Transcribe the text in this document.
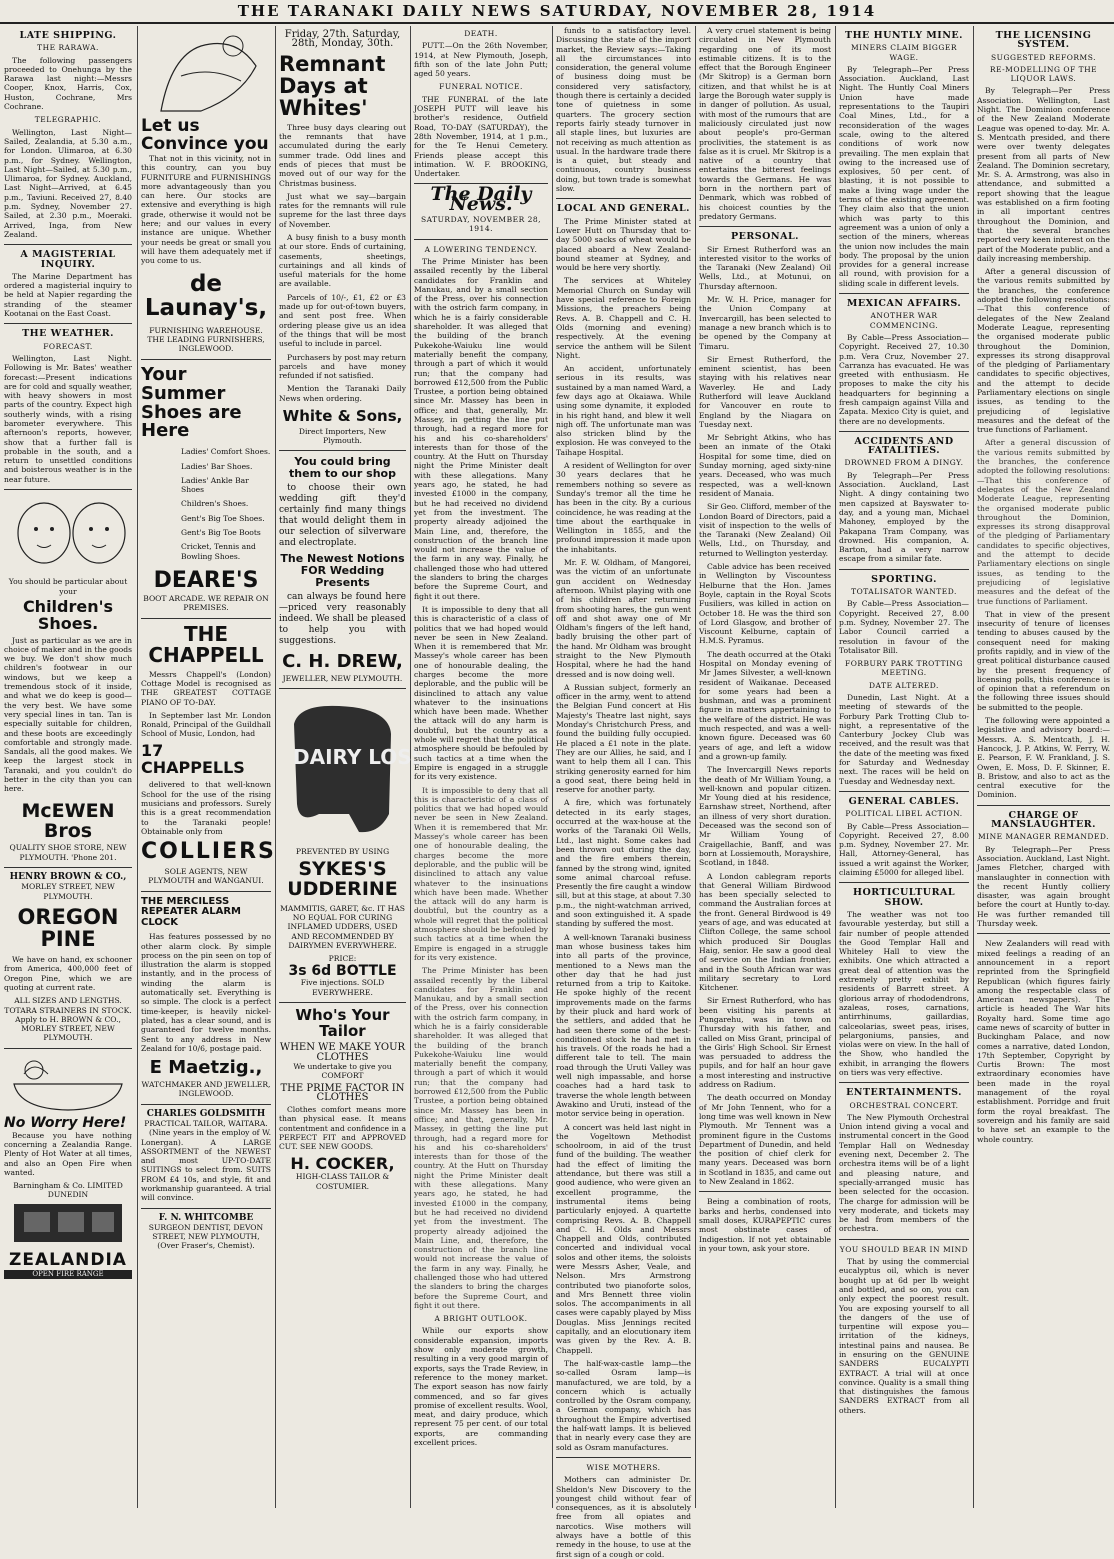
THE TARANAKI DAILY NEWS SATURDAY, NOVEMBER 28, 1914
LATE SHIPPING.
THE RARAWA.
The following passengers proceeded to Onehunga by the Rarawa last night:—Messrs Cooper, Knox, Harris, Cox, Huston, Cochrane, Mrs Cochrane.
TELEGRAPHIC.
Wellington, Last Night—Sailed, Zealandia, at 5.30 a.m., for London. Ulimaroa, at 6.30 p.m., for Sydney. Wellington, Last Night—Sailed, at 5.30 p.m., Ulimaroa, for Sydney. Auckland, Last Night—Arrived, at 6.45 p.m., Taviuni. Received 27, 8.40 p.m. Sydney, November 27. Sailed, at 2.30 p.m., Moeraki. Arrived, Inga, from New Zealand.
A MAGISTERIAL INQUIRY.
The Marine Department has ordered a magisterial inquiry to be held at Napier regarding the stranding of the steamer Kootanai on the East Coast.
THE WEATHER.
FORECAST.
Wellington, Last Night. Following is Mr. Bates' weather forecast:—Present indications are for cold and squally weather, with heavy showers in most parts of the country. Expect high southerly winds, with a rising barometer everywhere. This afternoon's reports, however, show that a further fall is probable in the south, and a return to unsettled conditions and boisterous weather is in the near future.
You should be particular about your
Children's Shoes.
Just as particular as we are in choice of maker and in the goods we buy. We don't show much children's footwear in our windows, but we keep a tremendous stock of it inside, and what we do keep is good—the very best. We have some very special lines in tan. Tan is especially suitable for children, and these boots are exceedingly comfortable and strongly made. Sandals, all the good makes. We keep the largest stock in Taranaki, and you couldn't do better in the city than you can here.
McEWEN Bros
QUALITY SHOE STORE, NEW PLYMOUTH. 'Phone 201.
HENRY BROWN & CO.,
MORLEY STREET, NEW PLYMOUTH.
OREGON PINE
We have on hand, ex schooner from America, 400,000 feet of Oregon Pine, which we are quoting at current rate.
ALL SIZES AND LENGTHS.
TOTARA STRAINERS IN STOCK.
Apply to H. BROWN & CO., MORLEY STREET, NEW PLYMOUTH.
No Worry Here!
Because you have nothing concerning a Zealandia Range. Plenty of Hot Water at all times, and also an Open Fire when wanted.
Barningham & Co. LIMITED DUNEDIN
ZEALANDIA
OPEN FIRE RANGE
Let us Convince you
That not in this vicinity, not in this country, can you buy FURNITURE and FURNISHINGS more advantageously than you can here. Our stocks are extensive and everything is high grade, otherwise it would not be here; and our values in every instance are unique. Whether your needs be great or small you will have them adequately met if you come to us.
de Launay's,
FURNISHING WAREHOUSE. THE LEADING FURNISHERS, INGLEWOOD.
Your Summer Shoes are Here
Ladies' Comfort Shoes.
Ladies' Bar Shoes.
Ladies' Ankle Bar Shoes
Children's Shoes.
Gent's Big Toe Shoes.
Gent's Big Toe Boots
Cricket, Tennis and Bowling Shoes.
DEARE'S
BOOT ARCADE. WE REPAIR ON PREMISES.
THE CHAPPELL
Messrs Chappell's (London) Cottage Model is recognised as THE GREATEST COTTAGE PIANO OF TO-DAY.
In September last Mr. London Ronald, Principal of the Guildhall School of Music, London, had
17 CHAPPELLS
delivered to that well-known School for the use of the rising musicians and professors. Surely this is a great recommendation to the Taranaki people! Obtainable only from
COLLIERS
SOLE AGENTS, NEW PLYMOUTH and WANGANUI.
THE MERCILESS REPEATER ALARM CLOCK
Has features possessed by no other alarm clock. By simple process on the pin seen on top of illustration the alarm is stopped instantly, and in the process of winding the alarm is automatically set. Everything is so simple. The clock is a perfect time-keeper, is heavily nickel-plated, has a clear sound, and is guaranteed for twelve months. Sent to any address in New Zealand for 10/6, postage paid.
E Maetzig.,
WATCHMAKER AND JEWELLER, INGLEWOOD.
CHARLES GOLDSMITH
PRACTICAL TAILOR, WAITARA.
(Nine years in the employ of W. Lonergan). A LARGE ASSORTMENT of the NEWEST and most UP-TO-DATE SUITINGS to select from. SUITS FROM £4 10s, and style, fit and workmanship guaranteed. A trial will convince.
F. N. WHITCOMBE
SURGEON DENTIST, DEVON STREET, NEW PLYMOUTH, (Over Fraser's, Chemist).
Friday, 27th. Saturday, 28th, Monday, 30th.
Remnant Days at Whites'
Three busy days clearing out the remnants that have accumulated during the early summer trade. Odd lines and ends of pieces that must be moved out of our way for the Christmas business.
Just what we say—bargain rates for the remnants will rule supreme for the last three days of November.
A busy finish to a busy month at our store. Ends of curtaining, casements, sheetings, curtainings and all kinds of useful materials for the home are available.
Parcels of 10/-, £1, £2 or £3 made up for out-of-town buyers, and sent post free. When ordering please give us an idea of the things that will be most useful to include in parcel.
Purchasers by post may return parcels and have money refunded if not satisfied.
Mention the Taranaki Daily News when ordering.
White & Sons,
Direct Importers, New Plymouth.
You could bring them to our shop
to choose their own wedding gift they'd certainly find many things that would delight them in our selection of silverware and electroplate.
The Newest Notions FOR Wedding Presents
can always be found here—priced very reasonably indeed. We shall be pleased to help you with suggestions.
C. H. DREW,
JEWELLER, NEW PLYMOUTH.
DAIRY LOSSES
PREVENTED BY USING
SYKES'S UDDERINE
MAMMITIS, GARET, &c. IT HAS NO EQUAL FOR CURING INFLAMED UDDERS, USED AND RECOMMENDED BY DAIRYMEN EVERYWHERE.
PRICE:
3s 6d BOTTLE
Five injections. SOLD EVERYWHERE.
Who's Your Tailor
WHEN WE MAKE YOUR CLOTHES
We undertake to give you COMFORT
THE PRIME FACTOR IN CLOTHES
Clothes comfort means more than physical ease. It means contentment and confidence in a PERFECT FIT and APPROVED CUT. SEE NEW GOODS.
H. COCKER,
HIGH-CLASS TAILOR & COSTUMIER.
DEATH.
PUTT.—On the 26th November, 1914, at New Plymouth, Joseph, fifth son of the late John Putt; aged 50 years.
FUNERAL NOTICE.
THE FUNERAL of the late JOSEPH PUTT will leave his brother's residence, Outfield Road, TO-DAY (SATURDAY), the 28th November, 1914, at 1 p.m., for the Te Henui Cemetery. Friends please accept this intimation. W. F. BROOKING, Undertaker.
The Daily News.
SATURDAY, NOVEMBER 28, 1914.
A LOWERING TENDENCY.
The Prime Minister has been assailed recently by the Liberal candidates for Franklin and Manukau, and by a small section of the Press, over his connection with the ostrich farm company, in which he is a fairly considerable shareholder. It was alleged that the building of the branch Pukekohe-Waiuku line would materially benefit the company, through a part of which it would run; that the company had borrowed £12,500 from the Public Trustee, a portion being obtained since Mr. Massey has been in office; and that, generally, Mr. Massey, in getting the line put through, had a regard more for his and his co-shareholders' interests than for those of the country. At the Hutt on Thursday night the Prime Minister dealt with these allegations. Many years ago, he stated, he had invested £1000 in the company, but he had received no dividend yet from the investment. The property already adjoined the Main Line, and, therefore, the construction of the branch line would not increase the value of the farm in any way. Finally, he challenged those who had uttered the slanders to bring the charges before the Supreme Court, and fight it out there.
It is impossible to deny that all this is characteristic of a class of politics that we had hoped would never be seen in New Zealand. When it is remembered that Mr. Massey's whole career has been one of honourable dealing, the charges become the more deplorable, and the public will be disinclined to attach any value whatever to the insinuations which have been made. Whether the attack will do any harm is doubtful, but the country as a whole will regret that the political atmosphere should be befouled by such tactics at a time when the Empire is engaged in a struggle for its very existence.
It is impossible to deny that all this is characteristic of a class of politics that we had hoped would never be seen in New Zealand. When it is remembered that Mr. Massey's whole career has been one of honourable dealing, the charges become the more deplorable, and the public will be disinclined to attach any value whatever to the insinuations which have been made. Whether the attack will do any harm is doubtful, but the country as a whole will regret that the political atmosphere should be befouled by such tactics at a time when the Empire is engaged in a struggle for its very existence.
The Prime Minister has been assailed recently by the Liberal candidates for Franklin and Manukau, and by a small section of the Press, over his connection with the ostrich farm company, in which he is a fairly considerable shareholder. It was alleged that the building of the branch Pukekohe-Waiuku line would materially benefit the company, through a part of which it would run; that the company had borrowed £12,500 from the Public Trustee, a portion being obtained since Mr. Massey has been in office; and that, generally, Mr. Massey, in getting the line put through, had a regard more for his and his co-shareholders' interests than for those of the country. At the Hutt on Thursday night the Prime Minister dealt with these allegations. Many years ago, he stated, he had invested £1000 in the company, but he had received no dividend yet from the investment. The property already adjoined the Main Line, and, therefore, the construction of the branch line would not increase the value of the farm in any way. Finally, he challenged those who had uttered the slanders to bring the charges before the Supreme Court, and fight it out there.
A BRIGHT OUTLOOK.
While our exports show considerable expansion, imports show only moderate growth, resulting in a very good margin of exports, says the Trade Review, in reference to the money market. The export season has now fairly commenced, and so far gives promise of excellent results. Wool, meat, and dairy produce, which represent 75 per cent. of our total exports, are commanding excellent prices.
funds to a satisfactory level. Discussing the state of the import market, the Review says:—Taking all the circumstances into consideration, the general volume of business doing must be considered very satisfactory, though there is certainly a decided tone of quietness in some quarters. The grocery section reports fairly steady turnover in all staple lines, but luxuries are not receiving as much attention as usual. In the hardware trade there is a quiet, but steady and continuous, country business doing, but town trade is somewhat slow.
LOCAL AND GENERAL.
The Prime Minister stated at Lower Hutt on Thursday that to-day 5000 sacks of wheat would be placed aboard a New Zealand-bound steamer at Sydney, and would be here very shortly.
The services at Whiteley Memorial Church on Sunday will have special reference to Foreign Missions, the preachers being Revs. A. B. Chappell and C. H. Olds (morning and evening) respectively. At the evening service the anthem will be Silent Night.
An accident, unfortunately serious in its results, was sustained by a man named Ward, a few days ago at Okaiawa. While using some dynamite, it exploded in his right hand, and blew it well nigh off. The unfortunate man was also stricken blind by the explosion. He was conveyed to the Taihape Hospital.
A resident of Wellington for over 30 years declares that he remembers nothing so severe as Sunday's tremor all the time he has been in the city. By a curious coincidence, he was reading at the time about the earthquake in Wellington in 1855, and the profound impression it made upon the inhabitants.
Mr. F. W. Oldham, of Mangorei, was the victim of an unfortunate gun accident on Wednesday afternoon. Whilst playing with one of his children after returning from shooting hares, the gun went off and shot away one of Mr Oldham's fingers of the left hand, badly bruising the other part of the hand. Mr Oldham was brought straight to the New Plymouth Hospital, where he had the hand dressed and is now doing well.
A Russian subject, formerly an officer in the army, went to attend the Belgian Fund concert at His Majesty's Theatre last night, says Monday's Christchurch Press, and found the building fully occupied. He placed a £1 note in the plate. They are our Allies, he said, and I want to help them all I can. This striking generosity earned for him a good seat, there being held in reserve for another party.
A fire, which was fortunately detected in its early stages, occurred at the wax-house at the works of the Taranaki Oil Wells, Ltd., last night. Some cakes had been thrown out during the day, and the fire embers therein, fanned by the strong wind, ignited some animal charcoal refuse. Presently the fire caught a window sill, but at this stage, at about 7.30 p.m., the night-watchman arrived, and soon extinguished it. A spade standing by suffered the most.
A well-known Taranaki business man whose business takes him into all parts of the province, mentioned to a News man the other day that he had just returned from a trip to Kaitoke. He spoke highly of the recent improvements made on the farms by their pluck and hard work of the settlers, and added that he had seen there some of the best-conditioned stock he had met in his travels. Of the roads he had a different tale to tell. The main road through the Uruti Valley was well nigh impassable, and horse coaches had a hard task to traverse the whole length between Awakino and Uruti, instead of the motor service being in operation.
A concert was held last night in the Vogeltown Methodist schoolroom, in aid of the trust fund of the building. The weather had the effect of limiting the attendance, but there was still a good audience, who were given an excellent programme, the instrumental items being particularly enjoyed. A quartette comprising Revs. A. B. Chappell and C. H. Olds and Messrs Chappell and Olds, contributed concerted and individual vocal solos and other items, the soloists were Messrs Asher, Veale, and Nelson. Mrs Armstrong contributed two pianoforte solos, and Mrs Bennett three violin solos. The accompaniments in all cases were capably played by Miss Douglas. Miss Jennings recited capitally, and an elocutionary item was given by the Rev. A. B. Chappell.
The half-wax-castle lamp—the so-called Osram lamp—is manufactured, we are told, by a concern which is actually controlled by the Osram company, a German company, which has throughout the Empire advertised the half-watt lamps. It is believed that in nearly every case they are sold as Osram manufactures.
WISE MOTHERS.
Mothers can administer Dr. Sheldon's New Discovery to the youngest child without fear of consequences, as it is absolutely free from all opiates and narcotics. Wise mothers will always have a bottle of this remedy in the house, to use at the first sign of a cough or cold.
A very cruel statement is being circulated in New Plymouth regarding one of its most estimable citizens. It is to the effect that the Borough Engineer (Mr Skitrop) is a German born citizen, and that whilst he is at large the Borough water supply is in danger of pollution. As usual, with most of the rumours that are maliciously circulated just now about people's pro-German proclivities, the statement is as false as it is cruel. Mr Skitrop is a native of a country that entertains the bitterest feelings towards the Germans. He was born in the northern part of Denmark, which was robbed of his choicest counties by the predatory Germans.
PERSONAL.
Sir Ernest Rutherford was an interested visitor to the works of the Taranaki (New Zealand) Oil Wells, Ltd., at Motunui, on Thursday afternoon.
Mr. W. H. Price, manager for the Union Company at Invercargill, has been selected to manage a new branch which is to be opened by the Company at Timaru.
Sir Ernest Rutherford, the eminent scientist, has been staying with his relatives near Waverley. He and Lady Rutherford will leave Auckland for Vancouver en route to England by the Niagara on Tuesday next.
Mr Sebright Atkins, who has been an inmate of the Otaki Hospital for some time, died on Sunday morning, aged sixty-nine years. Deceased, who was much respected, was a well-known resident of Manaia.
Sir Geo. Clifford, member of the London Board of Directors, paid a visit of inspection to the wells of the Taranaki (New Zealand) Oil Wells, Ltd., on Thursday, and returned to Wellington yesterday.
Cable advice has been received in Wellington by Viscountess Helburne that the Hon. James Boyle, captain in the Royal Scots Fusiliers, was killed in action on October 18. He was the third son of Lord Glasgow, and brother of Viscount Kelburne, captain of H.M.S. Pyramus.
The death occurred at the Otaki Hospital on Monday evening of Mr James Silvester, a well-known resident of Waikanae. Deceased for some years had been a bushman, and was a prominent figure in matters appertaining to the welfare of the district. He was much respected, and was a well-known figure. Deceased was 60 years of age, and left a widow and a grown-up family.
The Invercargill News reports the death of Mr William Young, a well-known and popular citizen. Mr Young died at his residence, Earnshaw street, Northend, after an illness of very short duration. Deceased was the second son of Mr William Young of Craigellachie, Banff, and was born at Lossiemouth, Morayshire, Scotland, in 1848.
A London cablegram reports that General William Birdwood has been specially selected to command the Australian forces at the front. General Birdwood is 49 years of age, and was educated at Clifton College, the same school which produced Sir Douglas Haig, senior. He saw a good deal of service on the Indian frontier, and in the South African war was military secretary to Lord Kitchener.
Sir Ernest Rutherford, who has been visiting his parents at Pungarehu, was in town on Thursday with his father, and called on Miss Grant, principal of the Girls' High School. Sir Ernest was persuaded to address the pupils, and for half an hour gave a most interesting and instructive address on Radium.
The death occurred on Monday of Mr John Tennent, who for a long time was well known in New Plymouth. Mr Tennent was a prominent figure in the Customs Department of Dunedin, and held the position of chief clerk for many years. Deceased was born in Scotland in 1835, and came out to New Zealand in 1862.
Being a combination of roots, barks and herbs, condensed into small doses, KURAPEPTIC cures most obstinate cases of Indigestion. If not yet obtainable in your town, ask your store.
THE HUNTLY MINE.
MINERS CLAIM BIGGER WAGE.
By Telegraph—Per Press Association. Auckland, Last Night. The Huntly Coal Miners Union have made representations to the Taupiri Coal Mines, Ltd., for a reconsideration of the wages scale, owing to the altered conditions of work now prevailing. The men explain that owing to the increased use of explosives, 50 per cent. of blasting, it is not possible to make a living wage under the terms of the existing agreement. They claim also that the union which was party to this agreement was a union of only a section of the miners, whereas the union now includes the main body. The proposal by the union provides for a general increase all round, with provision for a sliding scale in different levels.
MEXICAN AFFAIRS.
ANOTHER WAR COMMENCING.
By Cable—Press Association—Copyright. Received 27, 10.30 p.m. Vera Cruz, November 27. Carranza has evacuated. He was greeted with enthusiasm. He proposes to make the city his headquarters for beginning a fresh campaign against Villa and Zapata. Mexico City is quiet, and there are no developments.
ACCIDENTS AND FATALITIES.
DROWNED FROM A DINGY.
By Telegraph—Per Press Association. Auckland, Last Night. A dingy containing two men capsized at Bayswater to-day, and a young man, Michael Mahoney, employed by the Pakapana Tram Company, was drowned. His companion, A. Barton, had a very narrow escape from a similar fate.
SPORTING.
TOTALISATOR WANTED.
By Cable—Press Association—Copyright. Received 27, 8.00 p.m. Sydney, November 27. The Labor Council carried a resolution in favour of the Totalisator Bill.
FORBURY PARK TROTTING MEETING.
DATE ALTERED.
Dunedin, Last Night. At a meeting of stewards of the Forbury Park Trotting Club to-night, a representative of the Canterbury Jockey Club was received, and the result was that the date of the meeting was fixed for Saturday and Wednesday next. The races will be held on Tuesday and Wednesday next.
GENERAL CABLES.
POLITICAL LIBEL ACTION.
By Cable—Press Association—Copyright. Received 27, 8.00 p.m. Sydney, November 27. Mr. Hall, Attorney-General, has issued a writ against the Worker, claiming £5000 for alleged libel.
HORTICULTURAL SHOW.
The weather was not too favourable yesterday, but still a fair number of people attended the Good Templar Hall and Whiteley Hall to view the exhibits. One which attracted a great deal of attention was the extremely pretty exhibit by residents of Barrett street. A glorious array of rhododendrons, azaleas, roses, carnations, antirrhinums, gaillardias, calceolarias, sweet peas, irises, pelargoniums, pansies, and violas were on view. In the hall of the Show, who handled the exhibit, in arranging the flowers on tiers was very effective.
ENTERTAINMENTS.
ORCHESTRAL CONCERT.
The New Plymouth Orchestral Union intend giving a vocal and instrumental concert in the Good Templar Hall on Wednesday evening next, December 2. The orchestra items will be of a light and pleasing nature, and specially-arranged music has been selected for the occasion. The charge for admission will be very moderate, and tickets may be had from members of the orchestra.
YOU SHOULD BEAR IN MIND
That by using the commercial eucalyptus oil, which is never bought up at 6d per lb weight and bottled, and so on, you can only expect the poorest result. You are exposing yourself to all the dangers of the use of turpentine will expose you—irritation of the kidneys, intestinal pains and nausea. Be in ensuring on the GENUINE SANDERS EUCALYPTI EXTRACT. A trial will at once convince. Quality is a small thing that distinguishes the famous SANDERS EXTRACT from all others.
THE LICENSING SYSTEM.
SUGGESTED REFORMS.
RE-MODELLING OF THE LIQUOR LAWS.
By Telegraph—Per Press Association. Wellington, Last Night. The Dominion conference of the New Zealand Moderate League was opened to-day. Mr. A. S. Mentcath presided, and there were over twenty delegates present from all parts of New Zealand. The Dominion secretary, Mr. S. A. Armstrong, was also in attendance, and submitted a report showing that the league was established on a firm footing in all important centres throughout the Dominion, and that the several branches reported very keen interest on the part of the Moderate public, and a daily increasing membership.
After a general discussion of the various remits submitted by the branches, the conference adopted the following resolutions:—That this conference of delegates of the New Zealand Moderate League, representing the organised moderate public throughout the Dominion, expresses its strong disapproval of the pledging of Parliamentary candidates to specific objectives, and the attempt to decide Parliamentary elections on single issues, as tending to the prejudicing of legislative measures and the defeat of the true functions of Parliament.
After a general discussion of the various remits submitted by the branches, the conference adopted the following resolutions:—That this conference of delegates of the New Zealand Moderate League, representing the organised moderate public throughout the Dominion, expresses its strong disapproval of the pledging of Parliamentary candidates to specific objectives, and the attempt to decide Parliamentary elections on single issues, as tending to the prejudicing of legislative measures and the defeat of the true functions of Parliament.
That in view of the present insecurity of tenure of licenses tending to abuses caused by the consequent need for making profits rapidly, and in view of the great political disturbance caused by the present frequency of licensing polls, this conference is of opinion that a referendum on the following three issues should be submitted to the people.
The following were appointed a legislative and advisory board:—Messrs. A. S. Mentcath, J. H. Hancock, J. P. Atkins, W. Ferry, W. E. Pearson, F. W. Frankland, J. S. Owen, E. Moss, D. F. Skinner, E. B. Bristow, and also to act as the central executive for the Dominion.
CHARGE OF MANSLAUGHTER.
MINE MANAGER REMANDED.
By Telegraph—Per Press Association. Auckland, Last Night. James Fletcher, charged with manslaughter in connection with the recent Huntly colliery disaster, was again brought before the court at Huntly to-day. He was further remanded till Thursday week.
New Zealanders will read with mixed feelings a reading of an announcement in a report reprinted from the Springfield Republican (which figures fairly among the respectable class of American newspapers). The article is headed The War hits Royalty hard. Some time ago came news of scarcity of butter in Buckingham Palace, and now comes a narrative, dated London, 17th September, Copyright by Curtis Brown: The most extraordinary economies have been made in the royal management of the royal establishment. Porridge and fruit form the royal breakfast. The sovereign and his family are said to have set an example to the whole country.
